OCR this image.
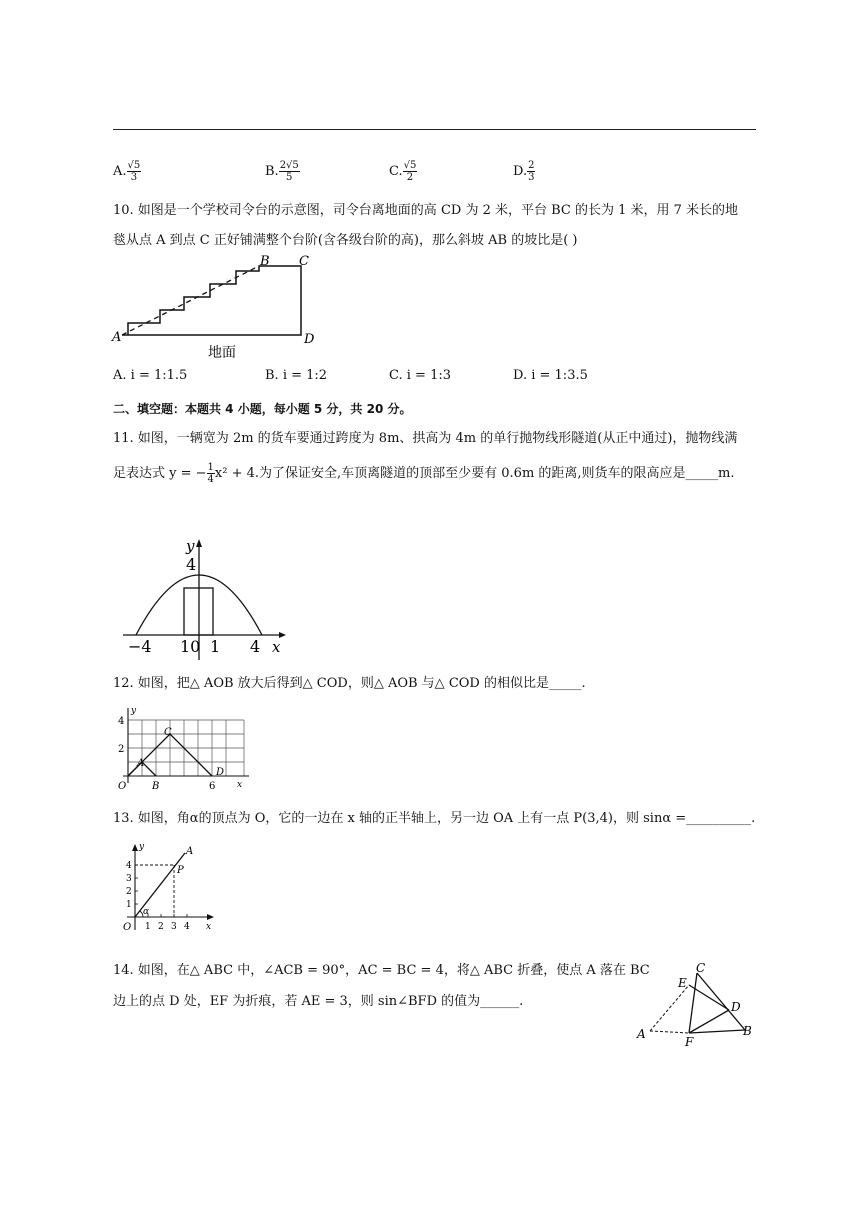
A. $\frac{√5}{3}$	B. $\frac{2√5}{5}$	C. $\frac{√5}{2}$	D. $\frac{2}{3}$
10. 如图是一个学校司令台的示意图，司令台离地面的高 CD 为 2 米，平台 BC 的长为 1 米，用 7 米长的地
毯从点 A 到点 C 正好铺满整个台阶(含各级台阶的高)，那么斜坡 AB 的坡比是( )
A
B C
D
地面
A. i = 1:1.5	B. i = 1:2	C. i = 1:3	D. i = 1:3.5
二、填空题：本题共 4 小题，每小题 5 分，共 20 分。
11. 如图，一辆宽为 2m 的货车要通过跨度为 8m、拱高为 4m 的单行抛物线形隧道(从正中通过)，抛物线满
足表达式 y = − $\frac{1}{4} x^2 + 4$.为了保证安全,车顶离隧道的顶部至少要有 0.6m 的距离,则货车的限高应是_____m.
y
4
−4 10 1 4 x
12. 如图，把△ AOB 放大后得到△ COD，则△ AOB 与△ COD 的相似比是_____.
y
4
2
O
A
B
C
D
6 x
13. 如图，角α的顶点为 O，它的一边在 x 轴的正半轴上，另一边 OA 上有一点 P(3,4)，则 sinα =__________.
y	A
P
O
α
x
4
3
2
1
1 2 3 4
14. 如图，在△ ABC 中，∠ACB = 90°，AC = BC = 4，将△ ABC 折叠，使点 A 落在 BC
边上的点 D 处，EF 为折痕，若 AE = 3，则 sin∠BFD 的值为______.
C
E
D
B
A
F
